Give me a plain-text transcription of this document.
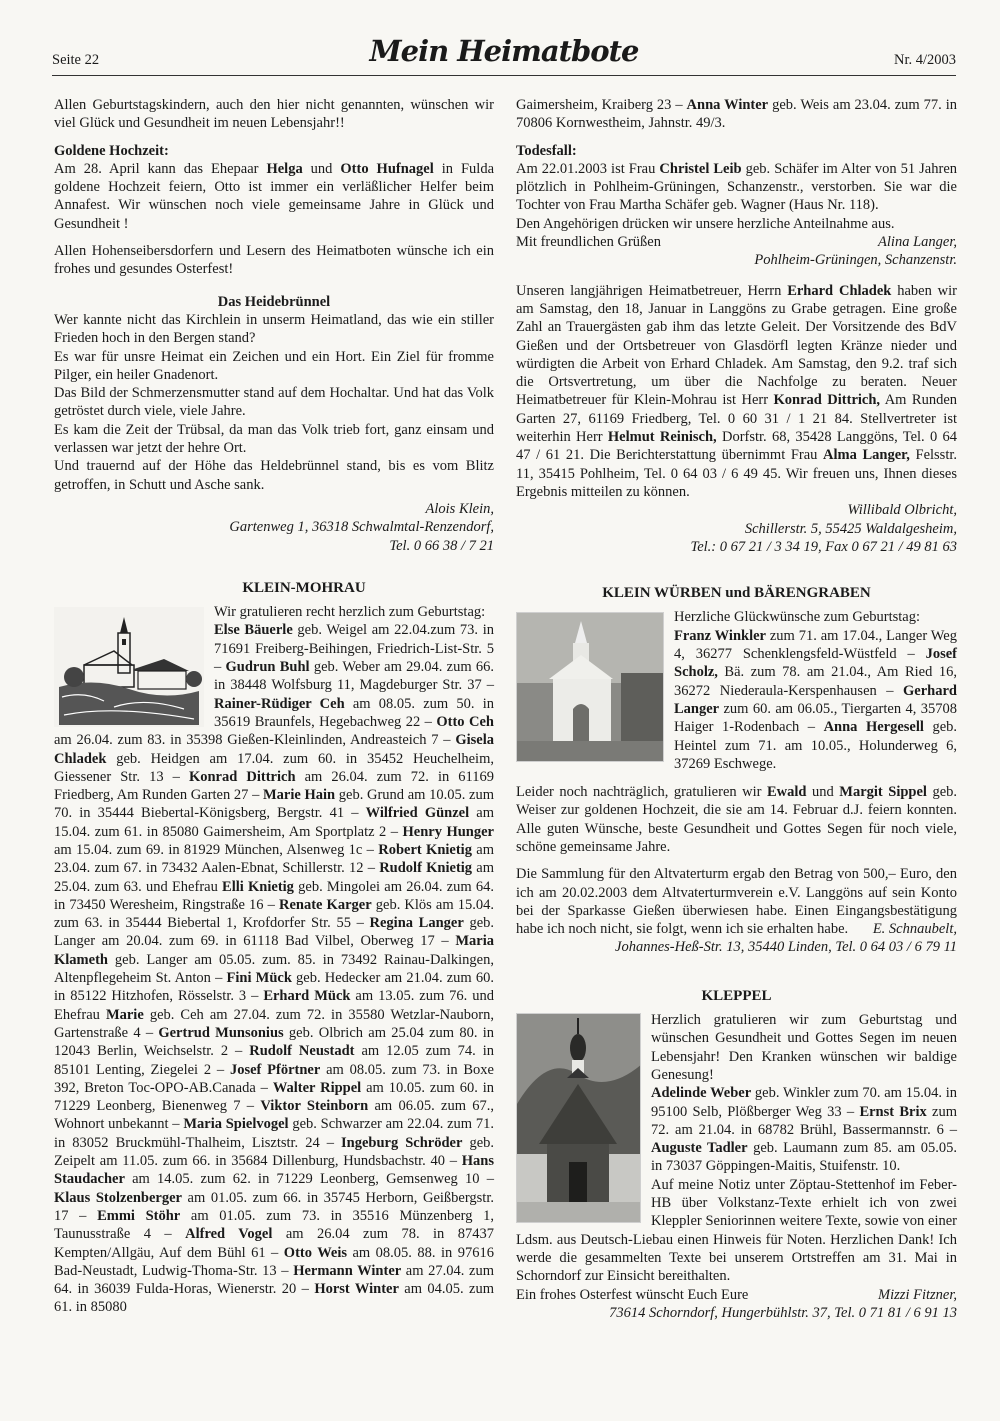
Seite 22	Mein Heimatbote	Nr. 4/2003

Allen Geburtstagskindern, auch den hier nicht genannten, wünschen wir viel Glück und Gesundheit im neuen Lebensjahr!!

Goldene Hochzeit:

Am 28. April kann das Ehepaar Helga und Otto Hufnagel in Fulda goldene Hochzeit feiern, Otto ist immer ein verläßlicher Helfer beim Annafest. Wir wünschen noch viele gemeinsame Jahre in Glück und Gesundheit !

Allen Hohenseibersdorfern und Lesern des Heimatboten wünsche ich ein frohes und gesundes Osterfest!

Das Heidebrünnel

Wer kannte nicht das Kirchlein in unserm Heimatland, das wie ein stiller Frieden hoch in den Bergen stand?

Es war für unsre Heimat ein Zeichen und ein Hort. Ein Ziel für fromme Pilger, ein heiler Gnadenort.

Das Bild der Schmerzensmutter stand auf dem Hochaltar. Und hat das Volk getröstet durch viele, viele Jahre.

Es kam die Zeit der Trübsal, da man das Volk trieb fort, ganz einsam und verlassen war jetzt der hehre Ort.

Und trauernd auf der Höhe das Heldebrünnel stand, bis es vom Blitz getroffen, in Schutt und Asche sank.

Alois Klein,

Gartenweg 1, 36318 Schwalmtal-Renzendorf,

Tel. 0 66 38 / 7 21

KLEIN-MOHRAU

Wir gratulieren recht herzlich zum Geburtstag:

Else Bäuerle geb. Weigel am 22.04.zum 73. in 71691 Freiberg-Beihingen, Friedrich-List-Str. 5 – Gudrun Buhl geb. Weber am 29.04. zum 66. in 38448 Wolfsburg 11, Magdeburger Str. 37 – Rainer-Rüdiger Ceh am 08.05. zum 50. in 35619 Braunfels, Hegebachweg 22 – Otto Ceh am 26.04. zum 83. in 35398 Gießen-Kleinlinden, Andreasteich 7 – Gisela Chladek geb. Heidgen am 17.04. zum 60. in 35452 Heuchelheim, Giessener Str. 13 – Konrad Dittrich am 26.04. zum 72. in 61169 Friedberg, Am Runden Garten 27 – Marie Hain geb. Grund am 10.05. zum 70. in 35444 Biebertal-Königsberg, Bergstr. 41 – Wilfried Günzel am 15.04. zum 61. in 85080 Gaimersheim, Am Sportplatz 2 – Henry Hunger am 15.04. zum 69. in 81929 München, Alsenweg 1c – Robert Knietig am 23.04. zum 67. in 73432 Aalen-Ebnat, Schillerstr. 12 – Rudolf Knietig am 25.04. zum 63. und Ehefrau Elli Knietig geb. Mingolei am 26.04. zum 64. in 73450 Weresheim, Ringstraße 16 – Renate Karger geb. Klös am 15.04. zum 63. in 35444 Biebertal 1, Krofdorfer Str. 55 – Regina Langer geb. Langer am 20.04. zum 69. in 61118 Bad Vilbel, Oberweg 17 – Maria Klameth geb. Langer am 05.05. zum. 85. in 73492 Rainau-Dalkingen, Altenpflegeheim St. Anton – Fini Mück geb. Hedecker am 21.04. zum 60. in 85122 Hitzhofen, Rösselstr. 3 – Erhard Mück am 13.05. zum 76. und Ehefrau Marie geb. Ceh am 27.04. zum 72. in 35580 Wetzlar-Nauborn, Gartenstraße 4 – Gertrud Munsonius geb. Olbrich am 25.04 zum 80. in 12043 Berlin, Weichselstr. 2 – Rudolf Neustadt am 12.05 zum 74. in 85101 Lenting, Ziegelei 2 – Josef Pförtner am 08.05. zum 73. in Boxe 392, Breton Toc-OPO-AB.Canada – Walter Rippel am 10.05. zum 60. in 71229 Leonberg, Bienenweg 7 – Viktor Steinborn am 06.05. zum 67., Wohnort unbekannt – Maria Spielvogel geb. Schwarzer am 22.04. zum 71. in 83052 Bruckmühl-Thalheim, Lisztstr. 24 – Ingeburg Schröder geb. Zeipelt am 11.05. zum 66. in 35684 Dillenburg, Hundsbachstr. 40 – Hans Staudacher am 14.05. zum 62. in 71229 Leonberg, Gemsenweg 10 – Klaus Stolzenberger am 01.05. zum 66. in 35745 Herborn, Geißbergstr. 17 – Emmi Stöhr am 01.05. zum 73. in 35516 Münzenberg 1, Taunusstraße 4 – Alfred Vogel am 26.04 zum 78. in 87437 Kempten/Allgäu, Auf dem Bühl 61 – Otto Weis am 08.05. 88. in 97616 Bad-Neustadt, Ludwig-Thoma-Str. 13 – Hermann Winter am 27.04. zum 64. in 36039 Fulda-Horas, Wienerstr. 20 – Horst Winter am 04.05. zum 61. in 85080

Gaimersheim, Kraiberg 23 – Anna Winter geb. Weis am 23.04. zum 77. in 70806 Kornwestheim, Jahnstr. 49/3.

Todesfall:

Am 22.01.2003 ist Frau Christel Leib geb. Schäfer im Alter von 51 Jahren plötzlich in Pohlheim-Grüningen, Schanzenstr., verstorben. Sie war die Tochter von Frau Martha Schäfer geb. Wagner (Haus Nr. 118).

Den Angehörigen drücken wir unsere herzliche Anteilnahme aus.

Mit freundlichen Grüßen	Alina Langer,

Pohlheim-Grüningen, Schanzenstr.

Unseren langjährigen Heimatbetreuer, Herrn Erhard Chladek haben wir am Samstag, den 18, Januar in Langgöns zu Grabe getragen. Eine große Zahl an Trauergästen gab ihm das letzte Geleit. Der Vorsitzende des BdV Gießen und der Ortsbetreuer von Glasdörfl legten Kränze nieder und würdigten die Arbeit von Erhard Chladek. Am Samstag, den 9.2. traf sich die Ortsvertretung, um über die Nachfolge zu beraten. Neuer Heimatbetreuer für Klein-Mohrau ist Herr Konrad Dittrich, Am Runden Garten 27, 61169 Friedberg, Tel. 0 60 31 / 1 21 84. Stellvertreter ist weiterhin Herr Helmut Reinisch, Dorfstr. 68, 35428 Langgöns, Tel. 0 64 47 / 61 21. Die Berichterstattung übernimmt Frau Alma Langer, Felsstr. 11, 35415 Pohlheim, Tel. 0 64 03 / 6 49 45. Wir freuen uns, Ihnen dieses Ergebnis mitteilen zu können.

Willibald Olbricht,

Schillerstr. 5, 55425 Waldalgesheim,

Tel.: 0 67 21 / 3 34 19, Fax 0 67 21 / 49 81 63

KLEIN WÜRBEN und BÄRENGRABEN

Herzliche Glückwünsche zum Geburtstag:

Franz Winkler zum 71. am 17.04., Langer Weg 4, 36277 Schenklengsfeld-Wüstfeld – Josef Scholz, Bä. zum 78. am 21.04., Am Ried 16, 36272 Niederaula-Kerspenhausen – Gerhard Langer zum 60. am 06.05., Tiergarten 4, 35708 Haiger 1-Rodenbach – Anna Hergesell geb. Heintel zum 71. am 10.05., Holunderweg 6, 37269 Eschwege.

Leider noch nachträglich, gratulieren wir Ewald und Margit Sippel geb. Weiser zur goldenen Hochzeit, die sie am 14. Februar d.J. feiern konnten. Alle guten Wünsche, beste Gesundheit und Gottes Segen für noch viele, schöne gemeinsame Jahre.

Die Sammlung für den Altvaterturm ergab den Betrag von 500,– Euro, den ich am 20.02.2003 dem Altvaterturmverein e.V. Langgöns auf sein Konto bei der Sparkasse Gießen überwiesen habe. Einen Eingangsbestätigung habe ich noch nicht, sie folgt, wenn ich sie erhalten habe. E. Schnaubelt,

Johannes-Heß-Str. 13, 35440 Linden, Tel. 0 64 03 / 6 79 11

KLEPPEL

Herzlich gratulieren wir zum Geburtstag und wünschen Gesundheit und Gottes Segen im neuen Lebensjahr! Den Kranken wünschen wir baldige Genesung!

Adelinde Weber geb. Winkler zum 70. am 15.04. in 95100 Selb, Plößberger Weg 33 – Ernst Brix zum 72. am 21.04. in 68782 Brühl, Bassermannstr. 6 – Auguste Tadler geb. Laumann zum 85. am 05.05. in 73037 Göppingen-Maitis, Stuifenstr. 10.

Auf meine Notiz unter Zöptau-Stettenhof im Feber-HB über Volkstanz-Texte erhielt ich von zwei Kleppler Seniorinnen weitere Texte, sowie von einer Ldsm. aus Deutsch-Liebau einen Hinweis für Noten. Herzlichen Dank! Ich werde die gesammelten Texte bei unserem Ortstreffen am 31. Mai in Schorndorf zur Einsicht bereithalten.

Ein frohes Osterfest wünscht Euch Eure	Mizzi Fitzner,

73614 Schorndorf, Hungerbühlstr. 37, Tel. 0 71 81 / 6 91 13
